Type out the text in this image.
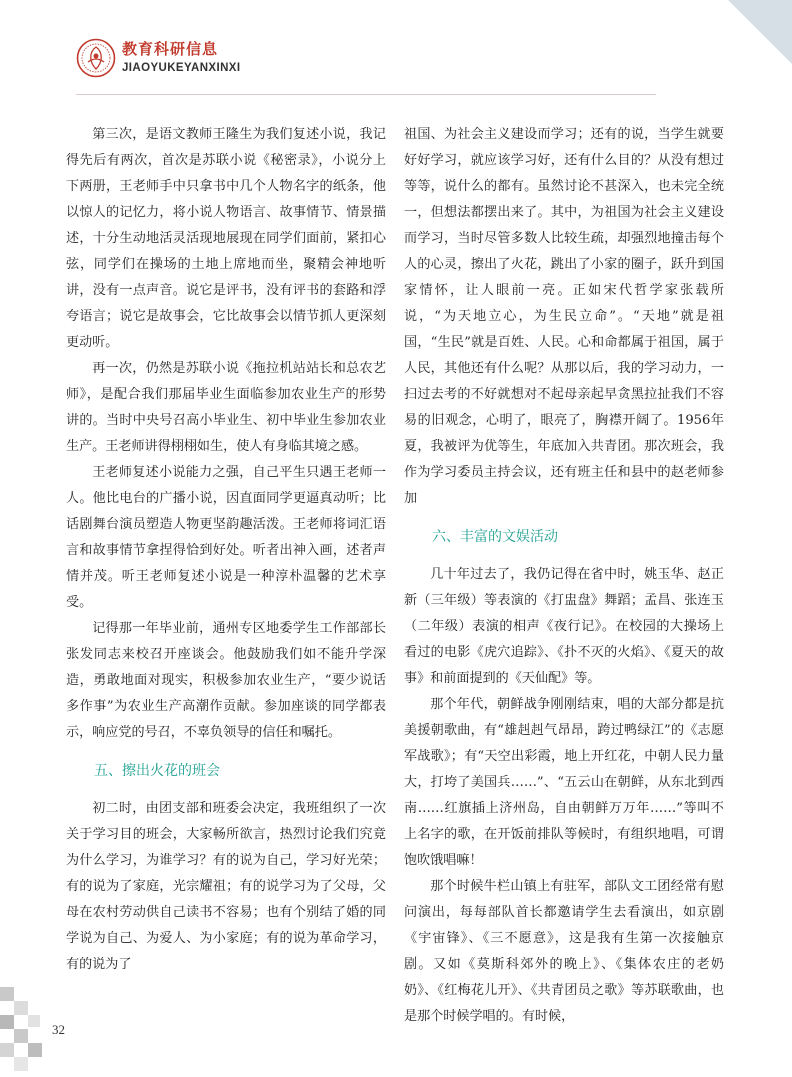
教育科研信息
JIAOYUKEYANXINXI

第三次，是语文教师王隆生为我们复述小说，我记得先后有两次，首次是苏联小说《秘密录》，小说分上下两册，王老师手中只拿书中几个人物名字的纸条，他以惊人的记忆力，将小说人物语言、故事情节、情景描述，十分生动地活灵活现地展现在同学们面前，紧扣心弦，同学们在操场的土地上席地而坐，聚精会神地听讲，没有一点声音。说它是评书，没有评书的套路和浮夸语言；说它是故事会，它比故事会以情节抓人更深刻更动听。

再一次，仍然是苏联小说《拖拉机站站长和总农艺师》，是配合我们那届毕业生面临参加农业生产的形势讲的。当时中央号召高小毕业生、初中毕业生参加农业生产。王老师讲得栩栩如生，使人有身临其境之感。

王老师复述小说能力之强，自己平生只遇王老师一人。他比电台的广播小说，因直面同学更逼真动听；比话剧舞台演员塑造人物更坚韵趣活泼。王老师将词汇语言和故事情节拿捏得恰到好处。听者出神入画，述者声情并茂。听王老师复述小说是一种淳朴温馨的艺术享受。

记得那一年毕业前，通州专区地委学生工作部部长张发同志来校召开座谈会。他鼓励我们如不能升学深造，勇敢地面对现实，积极参加农业生产，“要少说话多作事”为农业生产高潮作贡献。参加座谈的同学都表示，响应党的号召，不辜负领导的信任和嘱托。

五、擦出火花的班会

初二时，由团支部和班委会决定，我班组织了一次关于学习目的班会，大家畅所欲言，热烈讨论我们究竟为什么学习，为谁学习？有的说为自己，学习好光荣；有的说为了家庭，光宗耀祖；有的说学习为了父母，父母在农村劳动供自己读书不容易；也有个别结了婚的同学说为自己、为爱人、为小家庭；有的说为革命学习，有的说为了

祖国、为社会主义建设而学习；还有的说，当学生就要好好学习，就应该学习好，还有什么目的？从没有想过等等，说什么的都有。虽然讨论不甚深入，也未完全统一，但想法都摆出来了。其中，为祖国为社会主义建设而学习，当时尽管多数人比较生疏，却强烈地撞击每个人的心灵，擦出了火花，跳出了小家的圈子，跃升到国家情怀，让人眼前一亮。正如宋代哲学家张载所说，“为天地立心，为生民立命”。“天地”就是祖国，“生民”就是百姓、人民。心和命都属于祖国，属于人民，其他还有什么呢？从那以后，我的学习动力，一扫过去考的不好就想对不起母亲起早贪黑拉扯我们不容易的旧观念，心明了，眼亮了，胸襟开阔了。1956年夏，我被评为优等生，年底加入共青团。那次班会，我作为学习委员主持会议，还有班主任和县中的赵老师参加

六、丰富的文娱活动

几十年过去了，我仍记得在省中时，姚玉华、赵正新（三年级）等表演的《打盅盘》舞蹈；孟昌、张连玉（二年级）表演的相声《夜行记》。在校园的大操场上看过的电影《虎穴追踪》、《扑不灭的火焰》、《夏天的故事》和前面提到的《天仙配》等。

那个年代，朝鲜战争刚刚结束，唱的大部分都是抗美援朝歌曲，有“雄赳赳气昂昂，跨过鸭绿江”的《志愿军战歌》；有“天空出彩霞，地上开红花，中朝人民力量大，打垮了美国兵……”、“五云山在朝鲜，从东北到西南……红旗插上济州岛，自由朝鲜万万年……”等叫不上名字的歌，在开饭前排队等候时，有组织地唱，可谓饱吹饿唱嘛！

那个时候牛栏山镇上有驻军，部队文工团经常有慰问演出，每每部队首长都邀请学生去看演出，如京剧《宇宙锋》、《三不愿意》，这是我有生第一次接触京剧。又如《莫斯科郊外的晚上》、《集体农庄的老奶奶》、《红梅花儿开》、《共青团员之歌》等苏联歌曲，也是那个时候学唱的。有时候，

32
